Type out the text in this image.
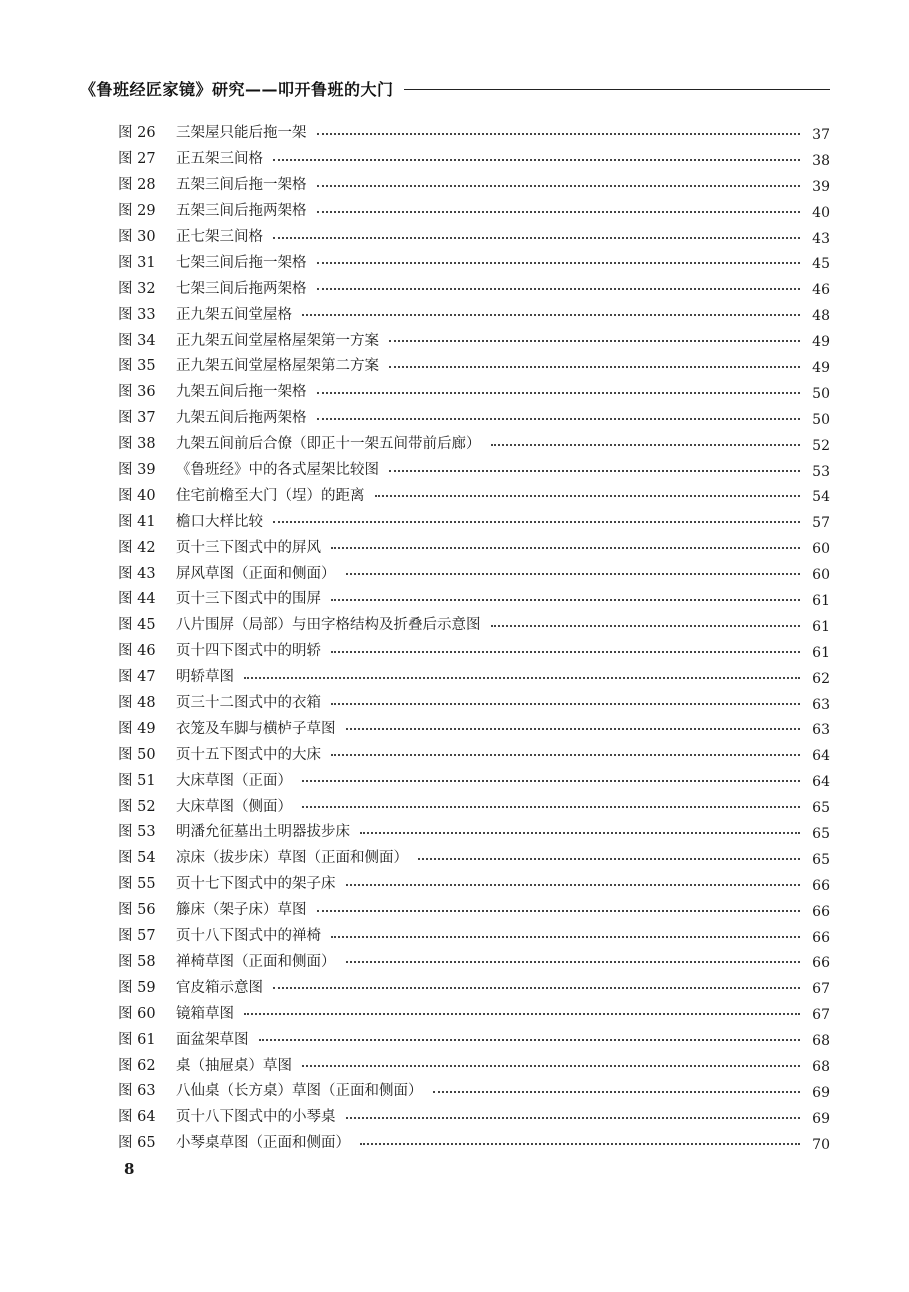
《鲁班经匠家镜》研究——叩开鲁班的大门
图 26	三架屋只能后拖一架	37
图 27	正五架三间格	38
图 28	五架三间后拖一架格	39
图 29	五架三间后拖两架格	40
图 30	正七架三间格	43
图 31	七架三间后拖一架格	45
图 32	七架三间后拖两架格	46
图 33	正九架五间堂屋格	48
图 34	正九架五间堂屋格屋架第一方案	49
图 35	正九架五间堂屋格屋架第二方案	49
图 36	九架五间后拖一架格	50
图 37	九架五间后拖两架格	50
图 38	九架五间前后合僚（即正十一架五间带前后廊）	52
图 39	《鲁班经》中的各式屋架比较图	53
图 40	住宅前檐至大门（埕）的距离	54
图 41	檐口大样比较	57
图 42	页十三下图式中的屏风	60
图 43	屏风草图（正面和侧面）	60
图 44	页十三下图式中的围屏	61
图 45	八片围屏（局部）与田字格结构及折叠后示意图	61
图 46	页十四下图式中的明轿	61
图 47	明轿草图	62
图 48	页三十二图式中的衣箱	63
图 49	衣笼及车脚与横栌子草图	63
图 50	页十五下图式中的大床	64
图 51	大床草图（正面）	64
图 52	大床草图（侧面）	65
图 53	明潘允征墓出土明器拔步床	65
图 54	凉床（拔步床）草图（正面和侧面）	65
图 55	页十七下图式中的架子床	66
图 56	籐床（架子床）草图	66
图 57	页十八下图式中的禅椅	66
图 58	禅椅草图（正面和侧面）	66
图 59	官皮箱示意图	67
图 60	镜箱草图	67
图 61	面盆架草图	68
图 62	桌（抽屉桌）草图	68
图 63	八仙桌（长方桌）草图（正面和侧面）	69
图 64	页十八下图式中的小琴桌	69
图 65	小琴桌草图（正面和侧面）	70
8
